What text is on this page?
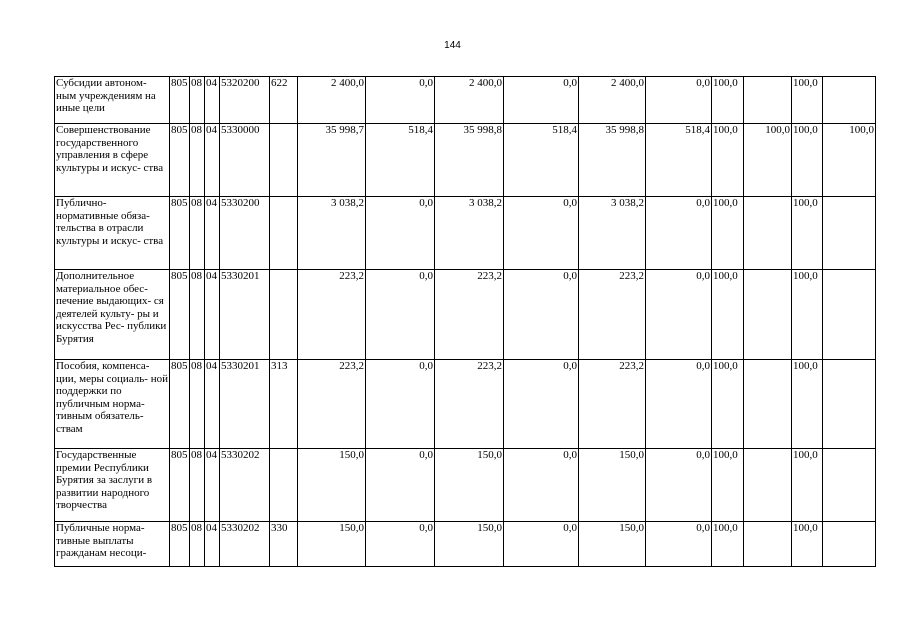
144
Субсидии автоном- ным учреждениям на иные цели	805	08	04	5320200	622	2 400,0	0,0	2 400,0	0,0	2 400,0	0,0	100,0		100,0	
Совершенствование государственного управления в сфере культуры и искус- ства	805	08	04	5330000		35 998,7	518,4	35 998,8	518,4	35 998,8	518,4	100,0	100,0	100,0	100,0
Публично- нормативные обяза- тельства в отрасли культуры и искус- ства	805	08	04	5330200		3 038,2	0,0	3 038,2	0,0	3 038,2	0,0	100,0		100,0	
Дополнительное материальное обес- печение выдающих- ся деятелей культу- ры и искусства Рес- публики Бурятия	805	08	04	5330201		223,2	0,0	223,2	0,0	223,2	0,0	100,0		100,0	
Пособия, компенса- ции, меры социаль- ной поддержки по публичным норма- тивным обязатель- ствам	805	08	04	5330201	313	223,2	0,0	223,2	0,0	223,2	0,0	100,0		100,0	
Государственные премии Республики Бурятия за заслуги в развитии народного творчества	805	08	04	5330202		150,0	0,0	150,0	0,0	150,0	0,0	100,0		100,0	
Публичные норма- тивные выплаты гражданам несоци-	805	08	04	5330202	330	150,0	0,0	150,0	0,0	150,0	0,0	100,0		100,0	
